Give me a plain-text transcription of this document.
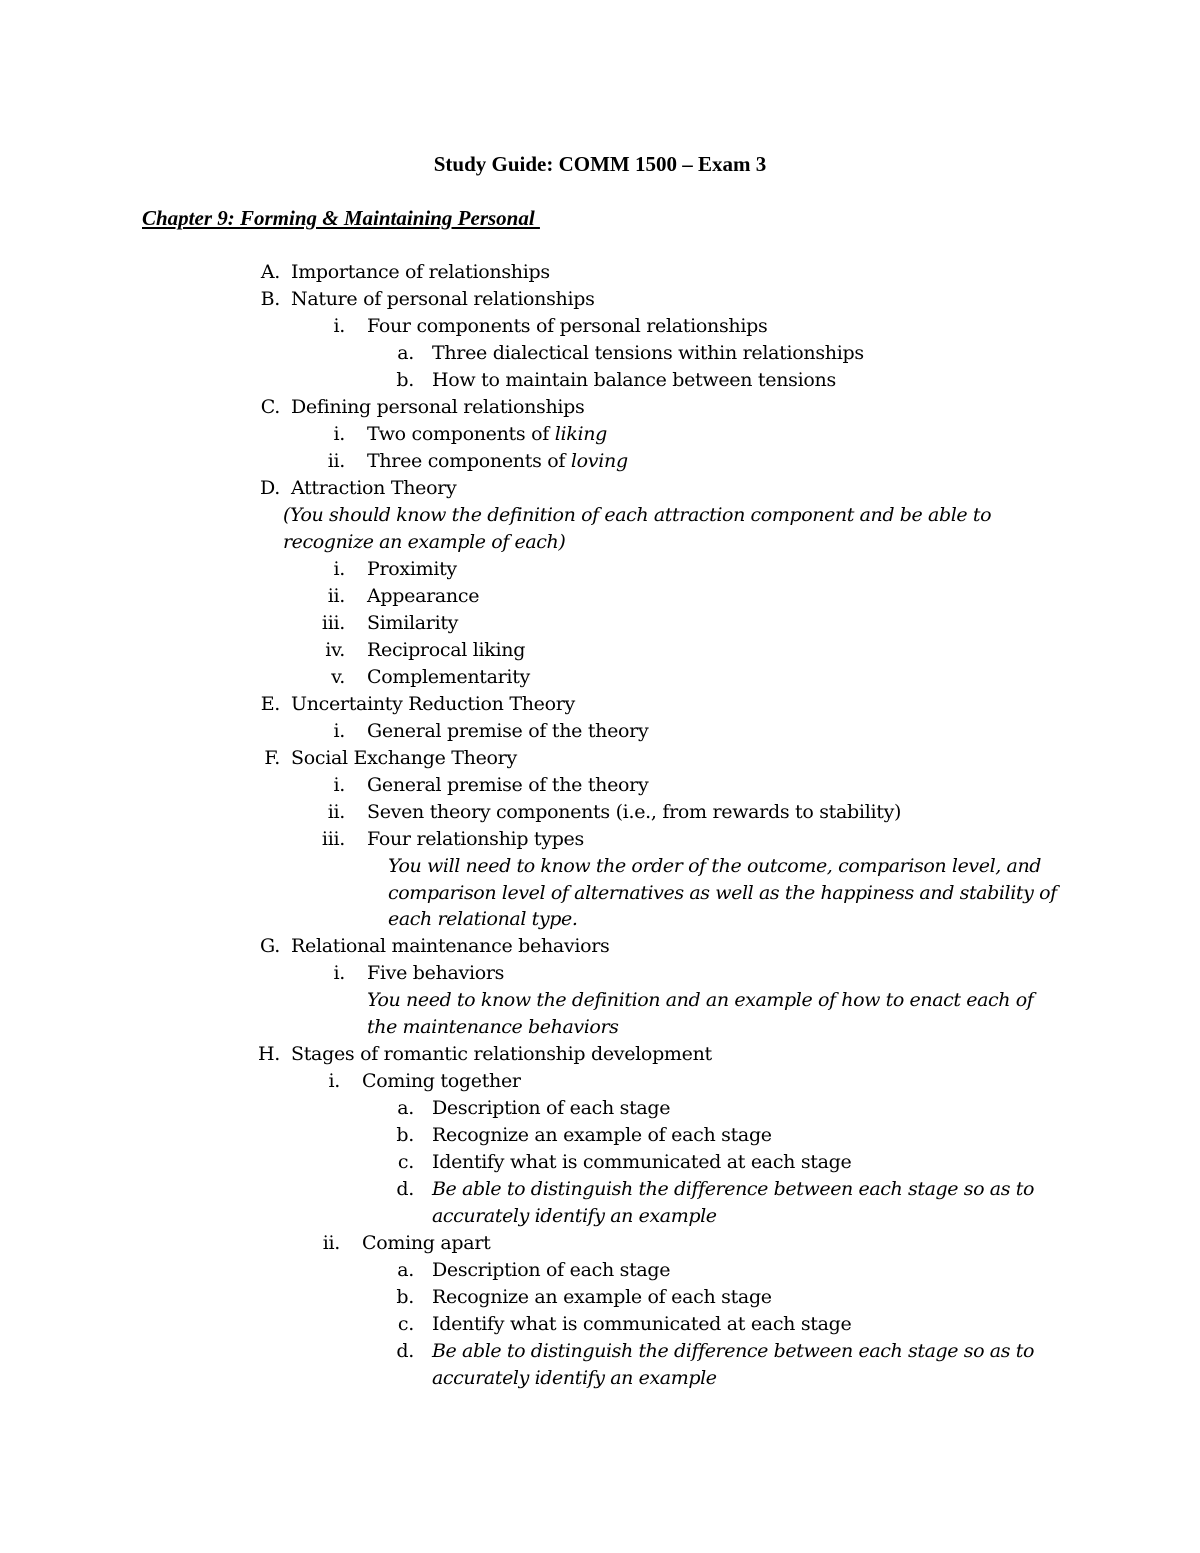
Study Guide: COMM 1500 – Exam 3
Chapter 9: Forming & Maintaining Personal
A. Importance of relationships
B. Nature of personal relationships
i. Four components of personal relationships
a. Three dialectical tensions within relationships
b. How to maintain balance between tensions
C. Defining personal relationships
i. Two components of liking
ii. Three components of loving
D. Attraction Theory
(You should know the definition of each attraction component and be able to recognize an example of each)
i. Proximity
ii. Appearance
iii. Similarity
iv. Reciprocal liking
v. Complementarity
E. Uncertainty Reduction Theory
i. General premise of the theory
F. Social Exchange Theory
i. General premise of the theory
ii. Seven theory components (i.e., from rewards to stability)
iii. Four relationship types
You will need to know the order of the outcome, comparison level, and comparison level of alternatives as well as the happiness and stability of each relational type.
G. Relational maintenance behaviors
i. Five behaviors
You need to know the definition and an example of how to enact each of the maintenance behaviors
H. Stages of romantic relationship development
i. Coming together
a. Description of each stage
b. Recognize an example of each stage
c. Identify what is communicated at each stage
d. Be able to distinguish the difference between each stage so as to accurately identify an example
ii. Coming apart
a. Description of each stage
b. Recognize an example of each stage
c. Identify what is communicated at each stage
d. Be able to distinguish the difference between each stage so as to accurately identify an example
